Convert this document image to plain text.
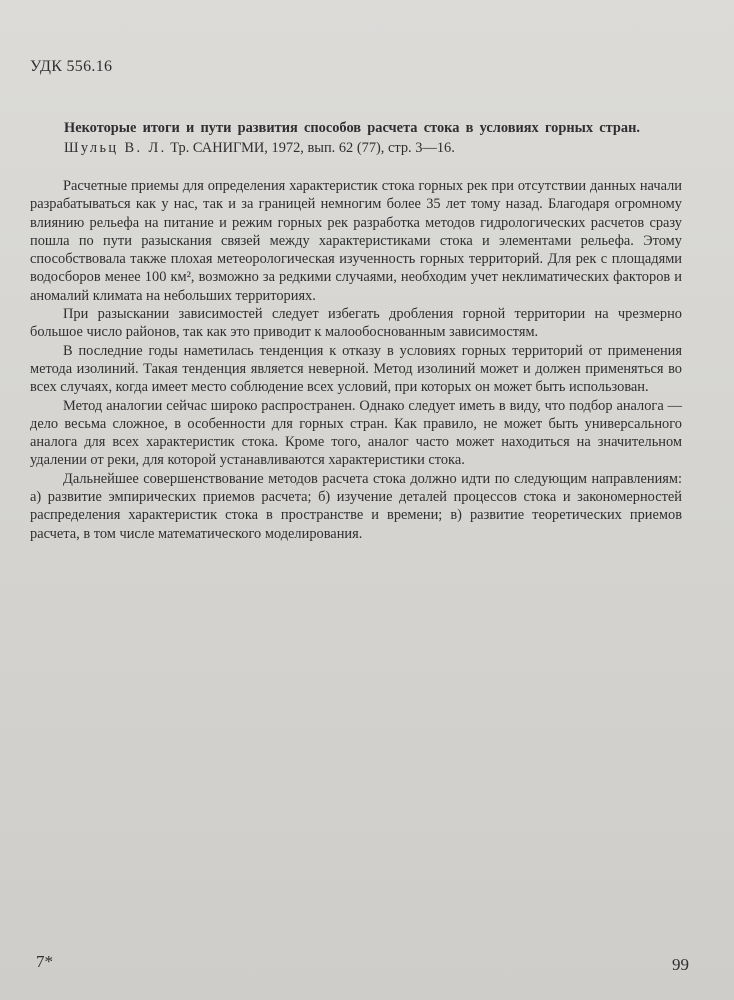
УДК 556.16
Некоторые итоги и пути развития способов расчета стока в условиях горных стран. Шульц В. Л. Тр. САНИГМИ, 1972, вып. 62 (77), стр. 3—16.

Расчетные приемы для определения характеристик стока горных рек при отсутствии данных начали разрабатываться как у нас, так и за границей немногим более 35 лет тому назад. Благодаря огромному влиянию рельефа на питание и режим горных рек разработка методов гидрологических расчетов сразу пошла по пути разыскания связей между характеристиками стока и элементами рельефа. Этому способствовала также плохая метеорологическая изученность горных территорий. Для рек с площадями водосборов менее 100 км², возможно за редкими случаями, необходим учет неклиматических факторов и аномалий климата на небольших территориях.

При разыскании зависимостей следует избегать дробления горной территории на чрезмерно большое число районов, так как это приводит к малообоснованным зависимостям.

В последние годы наметилась тенденция к отказу в условиях горных территорий от применения метода изолиний. Такая тенденция является неверной. Метод изолиний может и должен применяться во всех случаях, когда имеет место соблюдение всех условий, при которых он может быть использован.

Метод аналогии сейчас широко распространен. Однако следует иметь в виду, что подбор аналога — дело весьма сложное, в особенности для горных стран. Как правило, не может быть универсального аналога для всех характеристик стока. Кроме того, аналог часто может находиться на значительном удалении от реки, для которой устанавливаются характеристики стока.

Дальнейшее совершенствование методов расчета стока должно идти по следующим направлениям: а) развитие эмпирических приемов расчета; б) изучение деталей процессов стока и закономерностей распределения характеристик стока в пространстве и времени; в) развитие теоретических приемов расчета, в том числе математического моделирования.

7*	99
